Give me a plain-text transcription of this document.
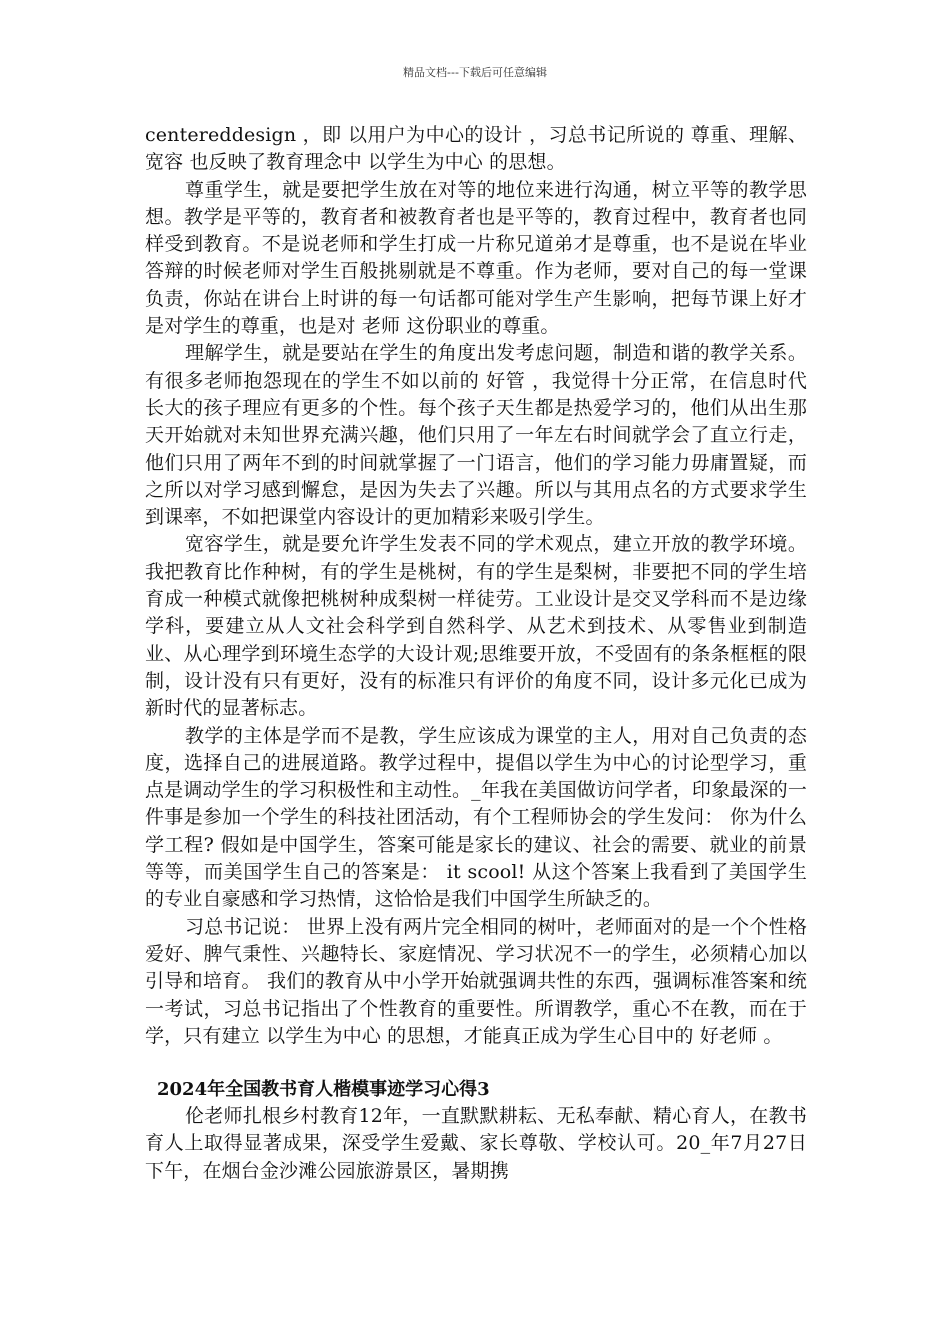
精品文档---下载后可任意编辑

centereddesign ，即 以用户为中心的设计 ，习总书记所说的 尊重、理解、宽容 也反映了教育理念中 以学生为中心 的思想。

尊重学生，就是要把学生放在对等的地位来进行沟通，树立平等的教学思想。教学是平等的，教育者和被教育者也是平等的，教育过程中，教育者也同样受到教育。不是说老师和学生打成一片称兄道弟才是尊重，也不是说在毕业答辩的时候老师对学生百般挑剔就是不尊重。作为老师，要对自己的每一堂课负责，你站在讲台上时讲的每一句话都可能对学生产生影响，把每节课上好才是对学生的尊重，也是对 老师 这份职业的尊重。

理解学生，就是要站在学生的角度出发考虑问题，制造和谐的教学关系。有很多老师抱怨现在的学生不如以前的 好管 ，我觉得十分正常，在信息时代长大的孩子理应有更多的个性。每个孩子天生都是热爱学习的，他们从出生那天开始就对未知世界充满兴趣，他们只用了一年左右时间就学会了直立行走，他们只用了两年不到的时间就掌握了一门语言，他们的学习能力毋庸置疑，而之所以对学习感到懈怠，是因为失去了兴趣。所以与其用点名的方式要求学生到课率，不如把课堂内容设计的更加精彩来吸引学生。

宽容学生，就是要允许学生发表不同的学术观点，建立开放的教学环境。我把教育比作种树，有的学生是桃树，有的学生是梨树，非要把不同的学生培育成一种模式就像把桃树种成梨树一样徒劳。工业设计是交叉学科而不是边缘学科，要建立从人文社会科学到自然科学、从艺术到技术、从零售业到制造业、从心理学到环境生态学的大设计观;思维要开放，不受固有的条条框框的限制，设计没有只有更好，没有的标准只有评价的角度不同，设计多元化已成为新时代的显著标志。

教学的主体是学而不是教，学生应该成为课堂的主人，用对自己负责的态度，选择自己的进展道路。教学过程中，提倡以学生为中心的讨论型学习，重点是调动学生的学习积极性和主动性。_年我在美国做访问学者，印象最深的一件事是参加一个学生的科技社团活动，有个工程师协会的学生发问： 你为什么学工程? 假如是中国学生，答案可能是家长的建议、社会的需要、就业的前景等等，而美国学生自己的答案是： it scool! 从这个答案上我看到了美国学生的专业自豪感和学习热情，这恰恰是我们中国学生所缺乏的。

习总书记说： 世界上没有两片完全相同的树叶，老师面对的是一个个性格爱好、脾气秉性、兴趣特长、家庭情况、学习状况不一的学生，必须精心加以引导和培育。 我们的教育从中小学开始就强调共性的东西，强调标准答案和统一考试，习总书记指出了个性教育的重要性。所谓教学，重心不在教，而在于学，只有建立 以学生为中心 的思想，才能真正成为学生心目中的 好老师 。

2024年全国教书育人楷模事迹学习心得3

伦老师扎根乡村教育12年，一直默默耕耘、无私奉献、精心育人，在教书育人上取得显著成果，深受学生爱戴、家长尊敬、学校认可。20_年7月27日下午，在烟台金沙滩公园旅游景区，暑期携
